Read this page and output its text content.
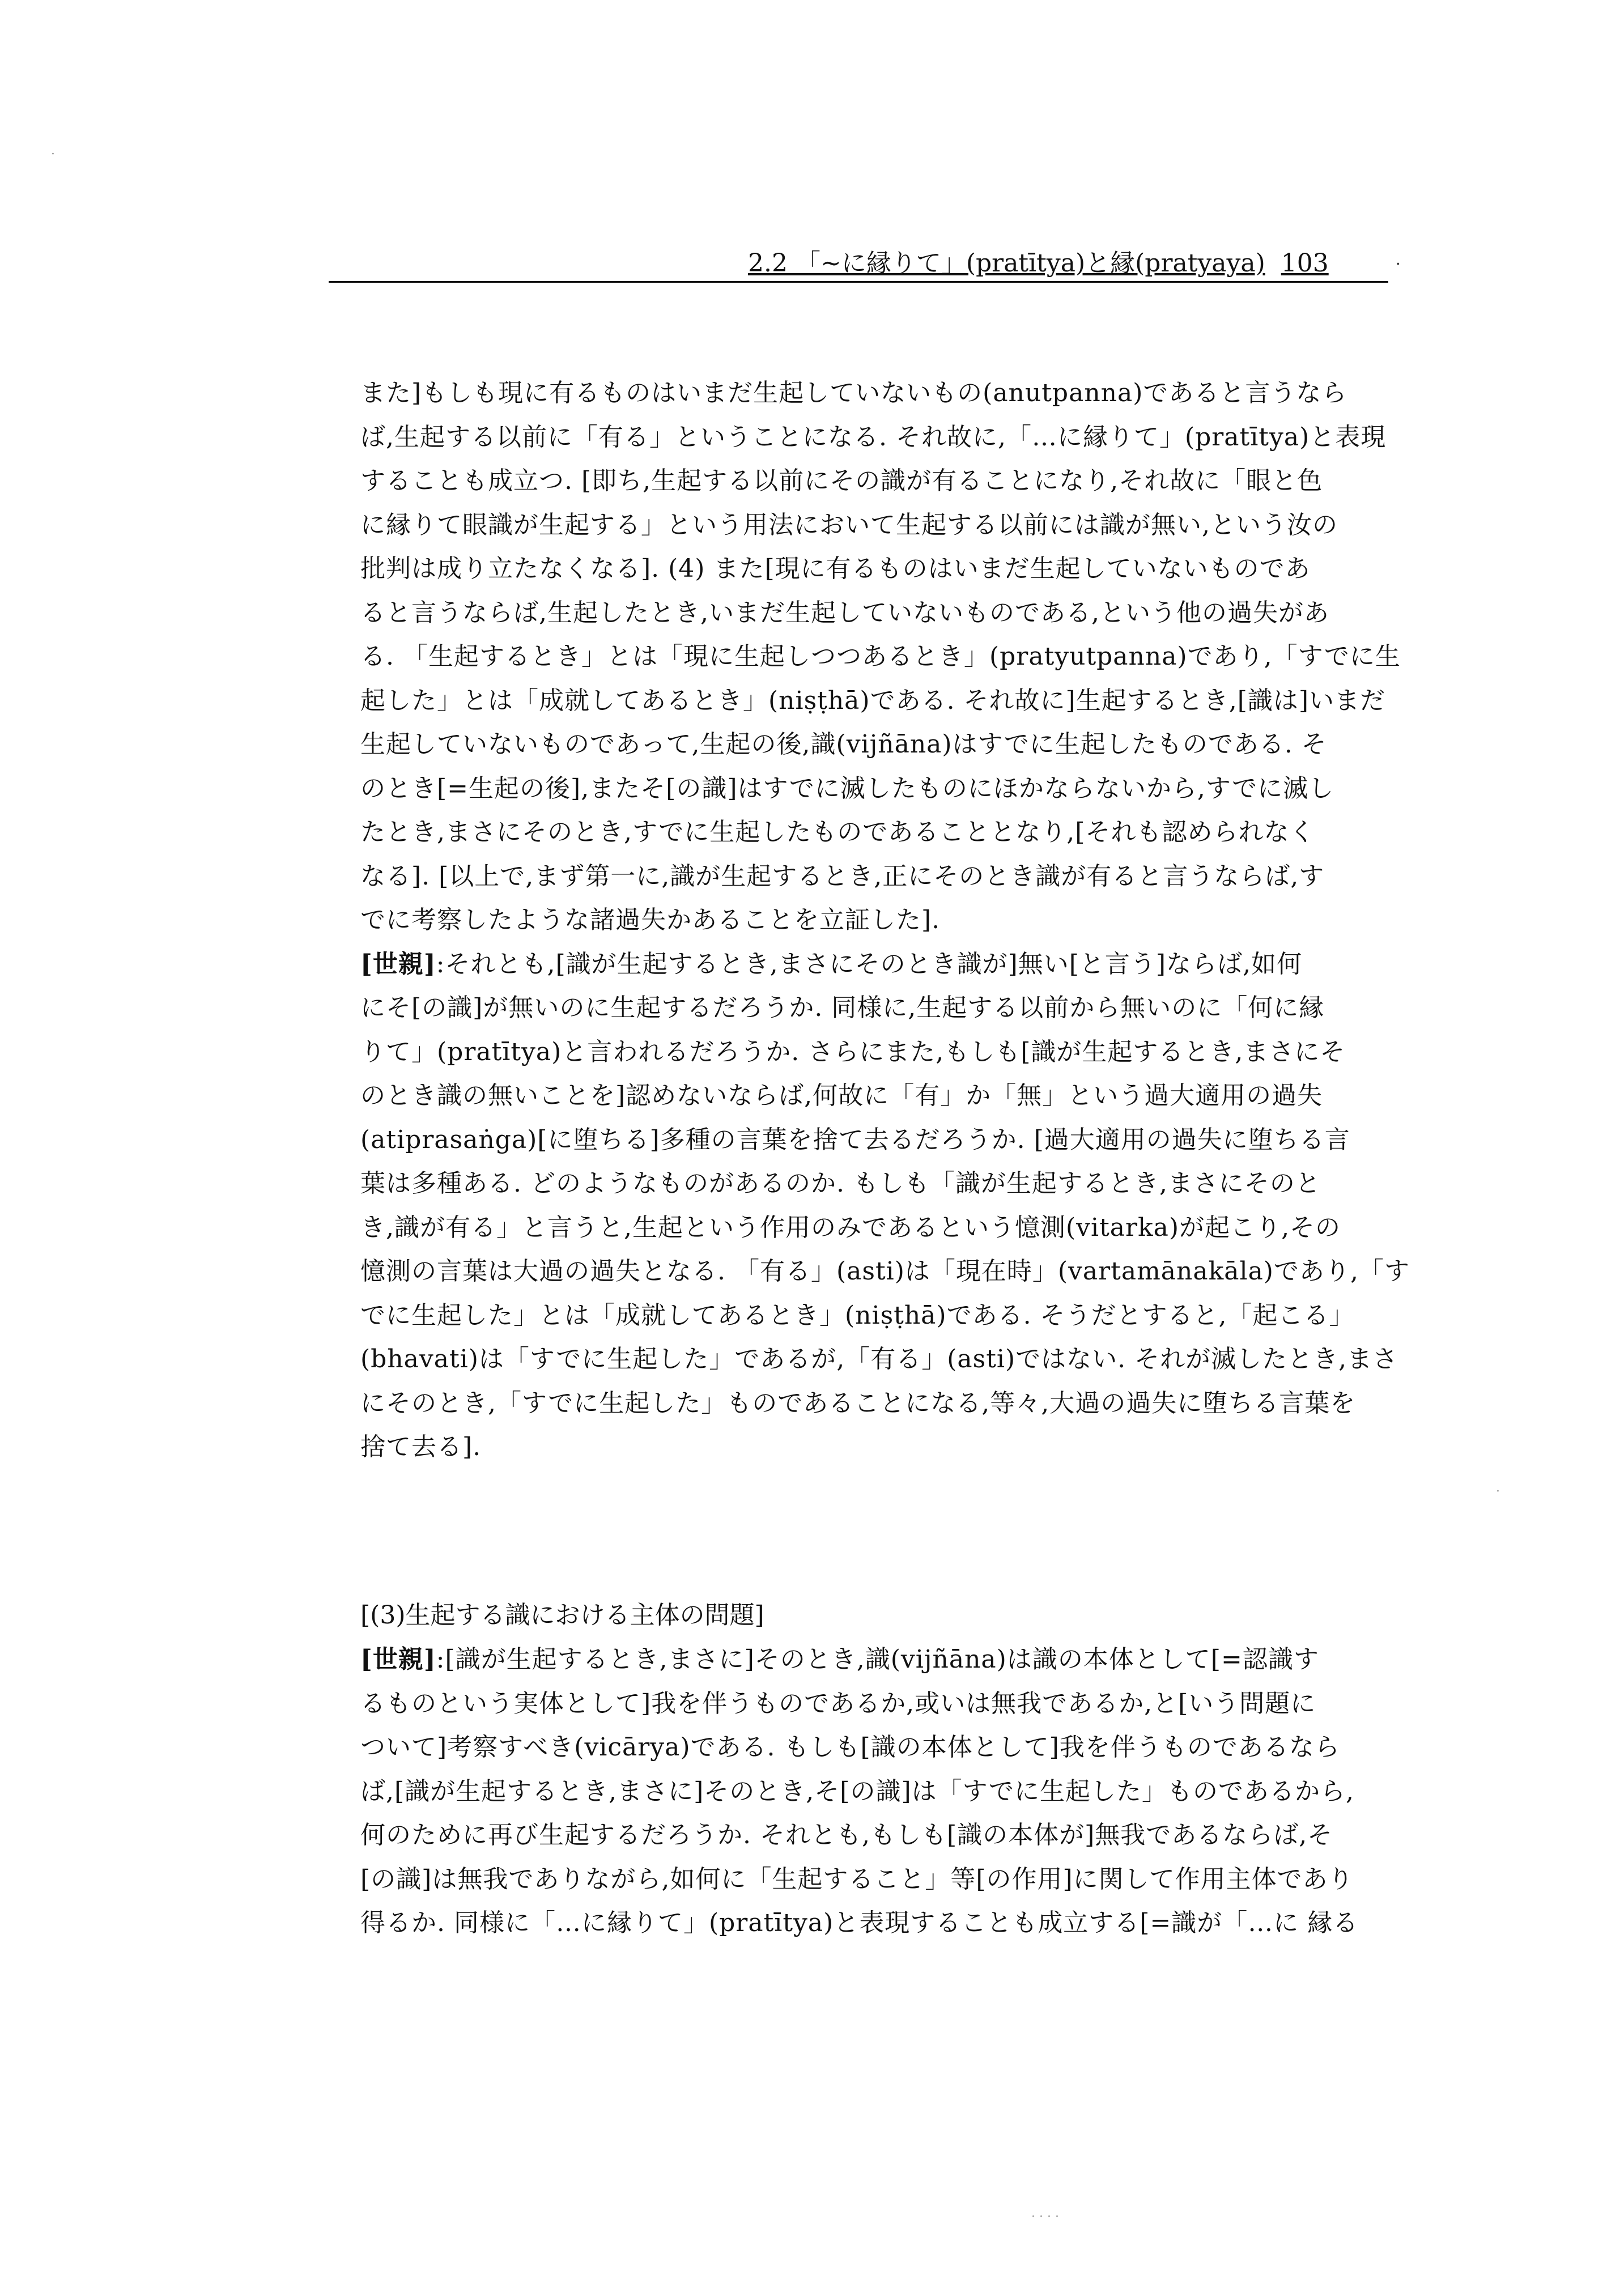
2.2 「~に縁りて」(pratītya)と縁(pratyaya) 103	·
また]もしも現に有るものはいまだ生起していないもの(anutpanna)であると言うなら
ば,生起する以前に「有る」ということになる. それ故に,「…に縁りて」(pratītya)と表現
することも成立つ. [即ち,生起する以前にその識が有ることになり,それ故に「眼と色
に縁りて眼識が生起する」という用法において生起する以前には識が無い,という汝の
批判は成り立たなくなる]. (4) また[現に有るものはいまだ生起していないものであ
ると言うならば,生起したとき,いまだ生起していないものである,という他の過失があ
る. 「生起するとき」とは「現に生起しつつあるとき」(pratyutpanna)であり,「すでに生
起した」とは「成就してあるとき」(niṣṭhā)である. それ故に]生起するとき,[識は]いまだ
生起していないものであって,生起の後,識(vijñāna)はすでに生起したものである. そ
のとき[=生起の後],またそ[の識]はすでに滅したものにほかならないから,すでに滅し
たとき,まさにそのとき,すでに生起したものであることとなり,[それも認められなく
なる]. [以上で,まず第一に,識が生起するとき,正にそのとき識が有ると言うならば,す
でに考察したような諸過失かあることを立証した].
[世親]:それとも,[識が生起するとき,まさにそのとき識が]無い[と言う]ならば,如何
にそ[の識]が無いのに生起するだろうか. 同様に,生起する以前から無いのに「何に縁
りて」(pratītya)と言われるだろうか. さらにまた,もしも[識が生起するとき,まさにそ
のとき識の無いことを]認めないならば,何故に「有」か「無」という過大適用の過失
(atiprasaṅga)[に堕ちる]多種の言葉を捨て去るだろうか. [過大適用の過失に堕ちる言
葉は多種ある. どのようなものがあるのか. もしも「識が生起するとき,まさにそのと
き,識が有る」と言うと,生起という作用のみであるという憶測(vitarka)が起こり,その
憶測の言葉は大過の過失となる. 「有る」(asti)は「現在時」(vartamānakāla)であり,「す
でに生起した」とは「成就してあるとき」(niṣṭhā)である. そうだとすると,「起こる」
(bhavati)は「すでに生起した」であるが,「有る」(asti)ではない. それが滅したとき,まさ
にそのとき,「すでに生起した」ものであることになる,等々,大過の過失に堕ちる言葉を
捨て去る].
[(3)生起する識における主体の問題]
[世親]:[識が生起するとき,まさに]そのとき,識(vijñāna)は識の本体として[=認識す
るものという実体として]我を伴うものであるか,或いは無我であるか,と[いう問題に
ついて]考察すべき(vicārya)である. もしも[識の本体として]我を伴うものであるなら
ば,[識が生起するとき,まさに]そのとき,そ[の識]は「すでに生起した」ものであるから,
何のために再び生起するだろうか. それとも,もしも[識の本体が]無我であるならば,そ
[の識]は無我でありながら,如何に「生起すること」等[の作用]に関して作用主体であり
得るか. 同様に「…に縁りて」(pratītya)と表現することも成立する[=識が「…に 縁る
· · · ·
·
·
